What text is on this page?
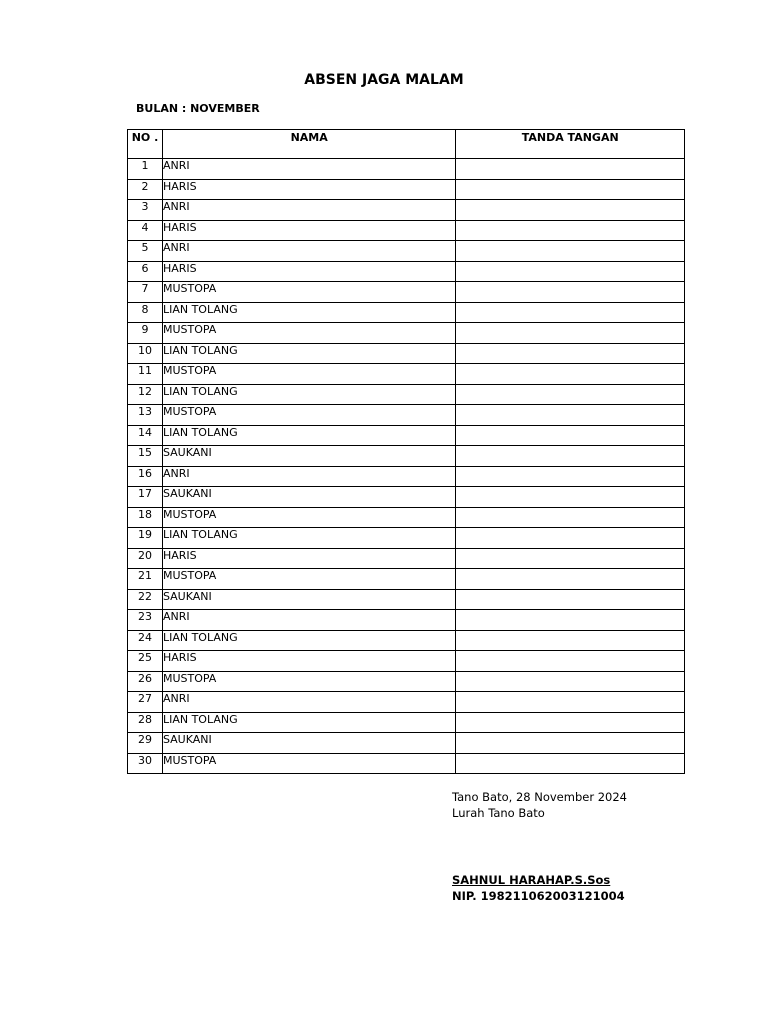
ABSEN JAGA MALAM
BULAN : NOVEMBER
NO .	NAMA	TANDA TANGAN
1	ANRI	
2	HARIS	
3	ANRI	
4	HARIS	
5	ANRI	
6	HARIS	
7	MUSTOPA	
8	LIAN TOLANG	
9	MUSTOPA	
10	LIAN TOLANG	
11	MUSTOPA	
12	LIAN TOLANG	
13	MUSTOPA	
14	LIAN TOLANG	
15	SAUKANI	
16	ANRI	
17	SAUKANI	
18	MUSTOPA	
19	LIAN TOLANG	
20	HARIS	
21	MUSTOPA	
22	SAUKANI	
23	ANRI	
24	LIAN TOLANG	
25	HARIS	
26	MUSTOPA	
27	ANRI	
28	LIAN TOLANG	
29	SAUKANI	
30	MUSTOPA	
Tano Bato, 28 November 2024
Lurah Tano Bato
SAHNUL HARAHAP.S.Sos
NIP. 198211062003121004
